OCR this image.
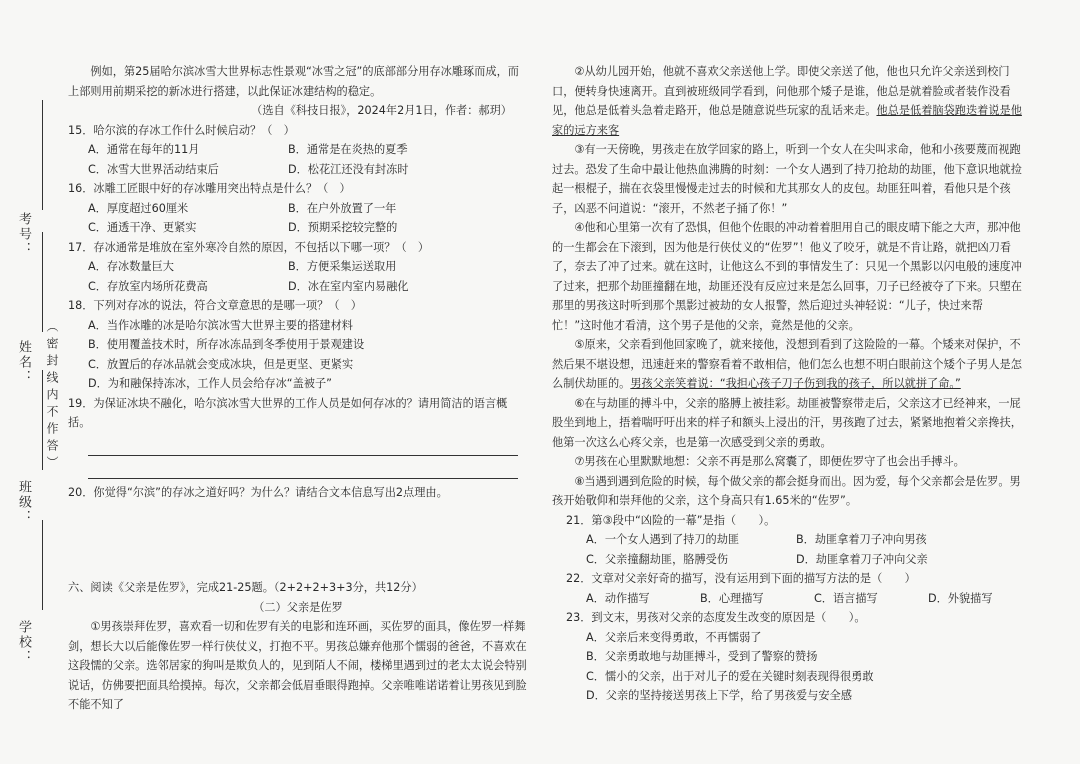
考号：
姓名： （密封线内不作答）
班级：
学校：

例如，第25届哈尔滨冰雪大世界标志性景观“冰雪之冠”的底部部分用存冰雕琢而成，而上部则用前期采挖的新冰进行搭建，以此保证冰建结构的稳定。

（选自《科技日报》，2024年2月1日，作者：郝玥）

15．哈尔滨的存冰工作什么时候启动？（　）

A．通常在每年的11月	B．通常是在炎热的夏季
C．冰雪大世界活动结束后	D．松花江还没有封冻时

16．冰雕工匠眼中好的存冰雕用突出特点是什么？（　）

A．厚度超过60厘米	B．在户外放置了一年
C．通透干净、更紧实	D．预期采挖较完整的

17．存冰通常是堆放在室外寒冷自然的原因，不包括以下哪一项？（　）

A．存冰数量巨大	B．方便采集运送取用
C．存放室内场所花费高	D．冰在室内室内易融化

18．下列对存冰的说法，符合文章意思的是哪一项？（　）

A．当作冰雕的冰是哈尔滨冰雪大世界主要的搭建材料

B．使用覆盖技术时，所存冰冻品到冬季使用于景观建设

C．放置后的存冰品就会变成冰块，但是更坚、更紧实

D．为和融保持冻冰，工作人员会给存冰“盖被子”

19．为保证冰块不融化，哈尔滨冰雪大世界的工作人员是如何存冰的？请用简洁的语言概括。

20．你觉得“尔滨”的存冰之道好吗？为什么？请结合文本信息写出2点理由。

六、阅读《父亲是佐罗》，完成21-25题。（2+2+2+3+3分，共12分）

（二）父亲是佐罗

①男孩崇拜佐罗，喜欢看一切和佐罗有关的电影和连环画，买佐罗的面具，像佐罗一样舞剑，想长大以后能像佐罗一样行侠仗义，打抱不平。男孩总嫌弃他那个懦弱的爸爸，不喜欢在这段懦的父亲。选邻居家的狗叫是欺负人的，见到陌人不闹，楼梯里遇到过的老太太说会特别说话，仿佛要把面具给摸掉。每次，父亲都会低眉垂眼得跑掉。父亲唯唯诺诺着让男孩见到脸不能不知了

②从幼儿园开始，他就不喜欢父亲送他上学。即使父亲送了他，他也只允许父亲送到校门口，便转身快速离开。直到被班级同学看到，问他那个矮子是谁，他总是就着脸或者装作没看见，他总是低着头急着走路开，他总是随意说些玩家的乱话来走。他总是低着脑袋跑迭着说是他家的远方来客

③有一天傍晚，男孩走在放学回家的路上，听到一个女人在尖叫求命，他和小孩要蔑而视跑过去。恐发了生命中最让他热血沸腾的时刻：一个女人遇到了持刀抢劫的劫匪，他下意识地就捡起一根棍子，揣在衣袋里慢慢走过去的时候和尤其那女人的皮包。劫匪狂叫着，看他只是个孩子，凶恶不问道说：“滚开，不然老子捅了你！”

④他和心里第一次有了恐惧，但他个佐眼的冲动着着胆用自己的眼皮晴下能之大声，那冲他的一生都会在下滚到，因为他是行侠仗义的“佐罗”！他义了咬牙，就是不肯让路，就把凶刀看了，奈去了冲了过来。就在这时，让他这么不到的事情发生了：只见一个黑影以闪电般的速度冲了过来，把那个劫匪撞翻在地，劫匪还没有反应过来是怎么回事，刀子已经被夺了下来。只塑在那里的男孩这时听到那个黑影过被劫的女人报警，然后迎过头神轻说：“儿子，快过来帮忙！”这时他才看清，这个男子是他的父亲，竟然是他的父亲。

⑤原来，父亲看到他回家晚了，就来接他，没想到看到了这险险的一幕。个矮来对保护，不然后果不堪设想，迅速赶来的警察看着不敢相信，他们怎么也想不明白眼前这个矮个子男人是怎么制伏劫匪的。男孩父亲笑着说：“我担心孩子刀子伤到我的孩子，所以就拼了命。”

⑥在与劫匪的搏斗中，父亲的胳膊上被挂彩。劫匪被警察带走后，父亲这才已经神来，一屁股坐到地上，捂着喘吁吁出来的样子和额头上浸出的汗，男孩跑了过去，紧紧地抱着父亲搀扶，他第一次这么心疼父亲，也是第一次感受到父亲的勇敢。

⑦男孩在心里默默地想：父亲不再是那么窝囊了，即便佐罗守了也会出手搏斗。

⑧当遇到遇到危险的时候，每个做父亲的都会挺身而出。因为爱，每个父亲都会是佐罗。男孩开始敬仰和崇拜他的父亲，这个身高只有1.65米的“佐罗”。

21．第③段中“凶险的一幕”是指（　　）。

A．一个女人遇到了持刀的劫匪	B．劫匪拿着刀子冲向男孩
C．父亲撞翻劫匪，胳膊受伤	D．劫匪拿着刀子冲向父亲

22．文章对父亲好奇的描写，没有运用到下面的描写方法的是（　　）

A．动作描写	B．心理描写	C．语言描写	D．外貌描写

23．到文末，男孩对父亲的态度发生改变的原因是（　　）。

A．父亲后来变得勇敢，不再懦弱了

B．父亲勇敢地与劫匪搏斗，受到了警察的赞扬

C．懦小的父亲，出于对儿子的爱在关键时刻表现得很勇敢

D．父亲的坚持接送男孩上下学，给了男孩爱与安全感
